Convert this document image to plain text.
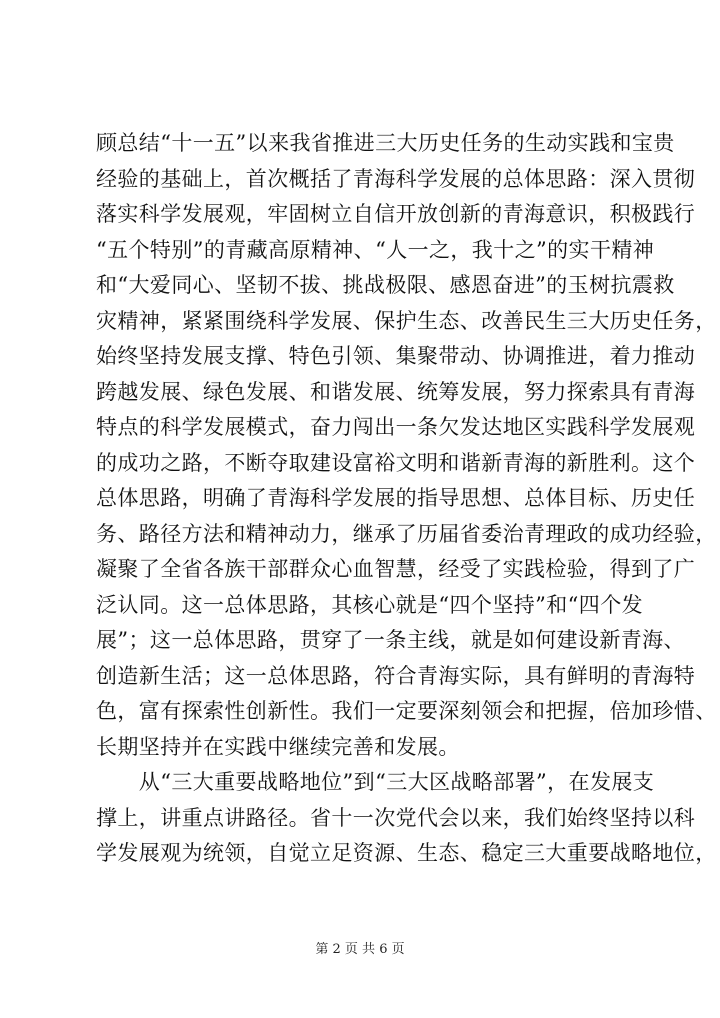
顾总结“十一五”以来我省推进三大历史任务的生动实践和宝贵
经验的基础上，首次概括了青海科学发展的总体思路：深入贯彻
落实科学发展观，牢固树立自信开放创新的青海意识，积极践行
“五个特别”的青藏高原精神、“人一之，我十之”的实干精神
和“大爱同心、坚韧不拔、挑战极限、感恩奋进”的玉树抗震救
灾精神，紧紧围绕科学发展、保护生态、改善民生三大历史任务，
始终坚持发展支撑、特色引领、集聚带动、协调推进，着力推动
跨越发展、绿色发展、和谐发展、统筹发展，努力探索具有青海
特点的科学发展模式，奋力闯出一条欠发达地区实践科学发展观
的成功之路，不断夺取建设富裕文明和谐新青海的新胜利。这个
总体思路，明确了青海科学发展的指导思想、总体目标、历史任
务、路径方法和精神动力，继承了历届省委治青理政的成功经验，
凝聚了全省各族干部群众心血智慧，经受了实践检验，得到了广
泛认同。这一总体思路，其核心就是“四个坚持”和“四个发
展”；这一总体思路，贯穿了一条主线，就是如何建设新青海、
创造新生活；这一总体思路，符合青海实际，具有鲜明的青海特
色，富有探索性创新性。我们一定要深刻领会和把握，倍加珍惜、
长期坚持并在实践中继续完善和发展。
　　从“三大重要战略地位”到“三大区战略部署”，在发展支
撑上，讲重点讲路径。省十一次党代会以来，我们始终坚持以科
学发展观为统领，自觉立足资源、生态、稳定三大重要战略地位，
第 2 页 共 6 页
